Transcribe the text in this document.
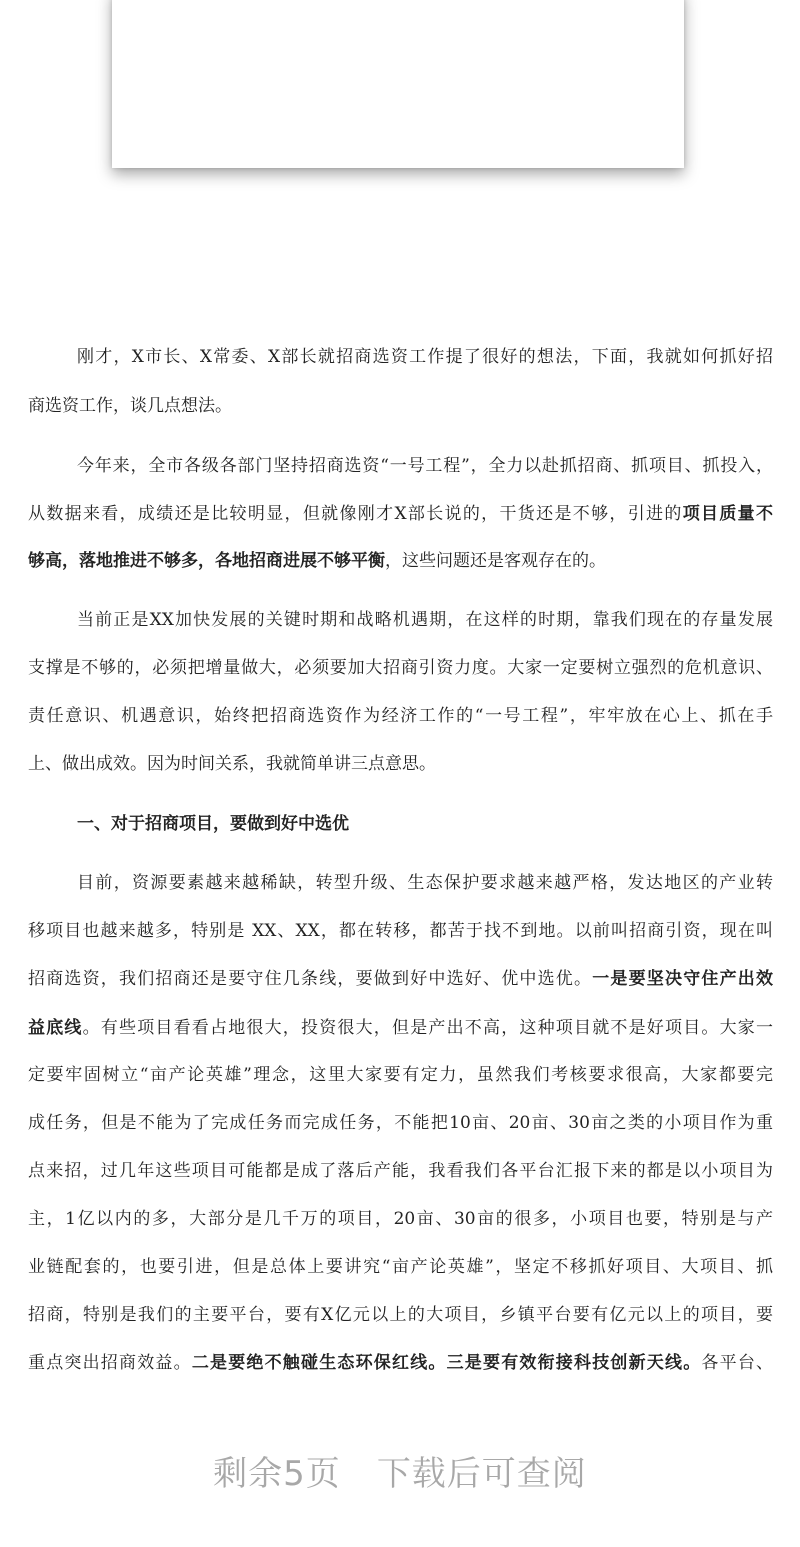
刚才，X市长、X常委、X部长就招商选资工作提了很好的想法，下面，我就如何抓好招
商选资工作，谈几点想法。
今年来，全市各级各部门坚持招商选资“一号工程”，全力以赴抓招商、抓项目、抓投入，
从数据来看，成绩还是比较明显，但就像刚才X部长说的，干货还是不够，引进的项目质量不
够高，落地推进不够多，各地招商进展不够平衡，这些问题还是客观存在的。
当前正是XX加快发展的关键时期和战略机遇期，在这样的时期，靠我们现在的存量发展
支撑是不够的，必须把增量做大，必须要加大招商引资力度。大家一定要树立强烈的危机意识、
责任意识、机遇意识，始终把招商选资作为经济工作的“一号工程”，牢牢放在心上、抓在手
上、做出成效。因为时间关系，我就简单讲三点意思。
一、对于招商项目，要做到好中选优
目前，资源要素越来越稀缺，转型升级、生态保护要求越来越严格，发达地区的产业转
移项目也越来越多，特别是 XX、XX，都在转移，都苦于找不到地。以前叫招商引资，现在叫
招商选资，我们招商还是要守住几条线，要做到好中选好、优中选优。一是要坚决守住产出效
益底线。有些项目看看占地很大，投资很大，但是产出不高，这种项目就不是好项目。大家一
定要牢固树立“亩产论英雄”理念，这里大家要有定力，虽然我们考核要求很高，大家都要完
成任务，但是不能为了完成任务而完成任务，不能把10亩、20亩、30亩之类的小项目作为重
点来招，过几年这些项目可能都是成了落后产能，我看我们各平台汇报下来的都是以小项目为
主，1亿以内的多，大部分是几千万的项目，20亩、30亩的很多，小项目也要，特别是与产
业链配套的，也要引进，但是总体上要讲究“亩产论英雄”，坚定不移抓好项目、大项目、抓
招商，特别是我们的主要平台，要有X亿元以上的大项目，乡镇平台要有亿元以上的项目，要
重点突出招商效益。二是要绝不触碰生态环保红线。三是要有效衔接科技创新天线。各平台、
剩余5页 下载后可查阅
